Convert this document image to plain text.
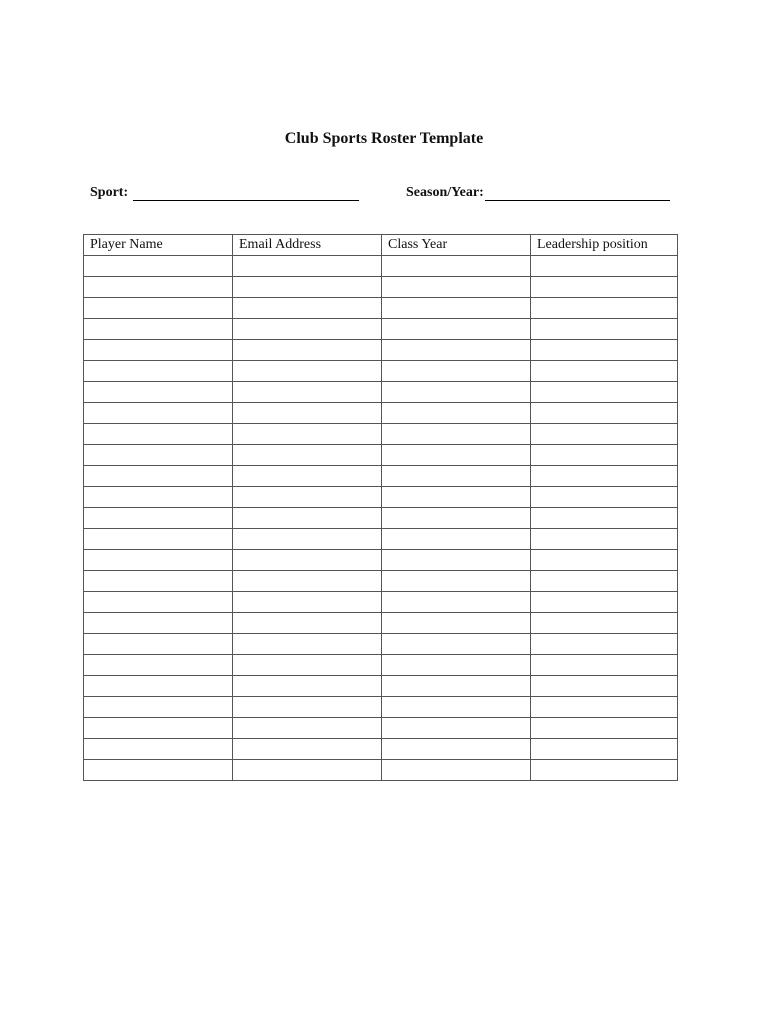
Club Sports Roster Template
Sport:	Season/Year:
Player Name	Email Address	Class Year	Leadership position
